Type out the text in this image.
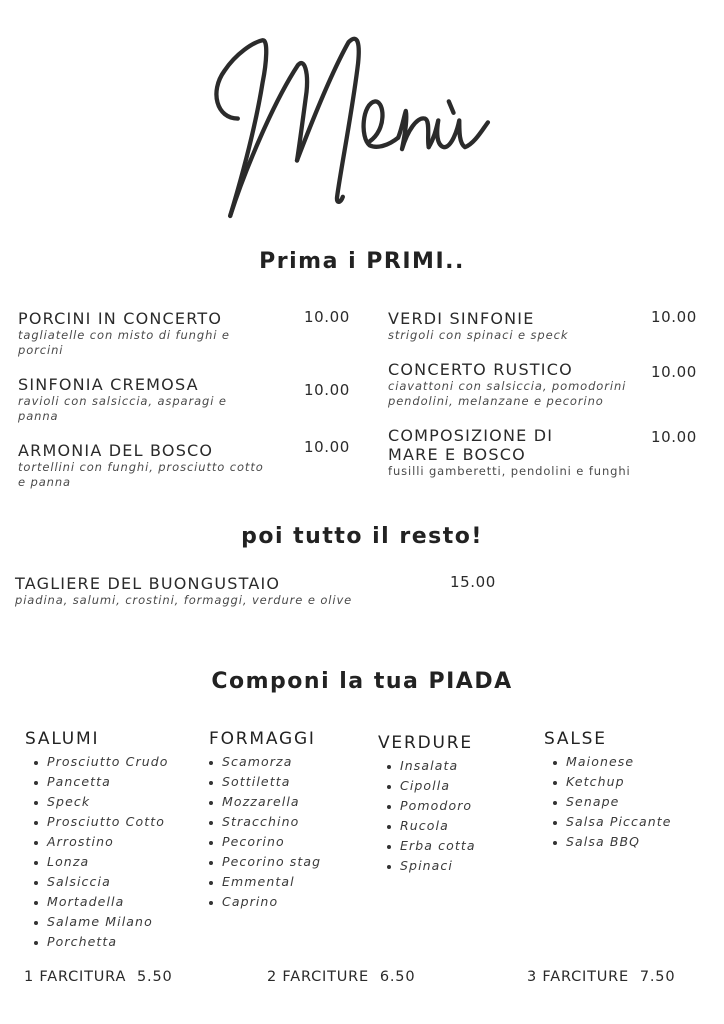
Prima i PRIMI..
PORCINI IN CONCERTO
tagliatelle con misto di funghi e
porcini
10.00
SINFONIA CREMOSA
ravioli con salsiccia, asparagi e
panna
10.00
ARMONIA DEL BOSCO
tortellini con funghi, prosciutto cotto
e panna
10.00
VERDI SINFONIE
strigoli con spinaci e speck
10.00
CONCERTO RUSTICO
ciavattoni con salsiccia, pomodorini
pendolini, melanzane e pecorino
10.00
COMPOSIZIONE DI
MARE E BOSCO
fusilli gamberetti, pendolini e funghi
10.00
poi tutto il resto!
TAGLIERE DEL BUONGUSTAIO
piadina, salumi, crostini, formaggi, verdure e olive
15.00
Componi la tua PIADA
SALUMI
Prosciutto Crudo
Pancetta
Speck
Prosciutto Cotto
Arrostino
Lonza
Salsiccia
Mortadella
Salame Milano
Porchetta
FORMAGGI
Scamorza
Sottiletta
Mozzarella
Stracchino
Pecorino
Pecorino stag
Emmental
Caprino
VERDURE
Insalata
Cipolla
Pomodoro
Rucola
Erba cotta
Spinaci
SALSE
Maionese
Ketchup
Senape
Salsa Piccante
Salsa BBQ
1 FARCITURA 5.50	2 FARCITURE 6.50	3 FARCITURE 7.50
